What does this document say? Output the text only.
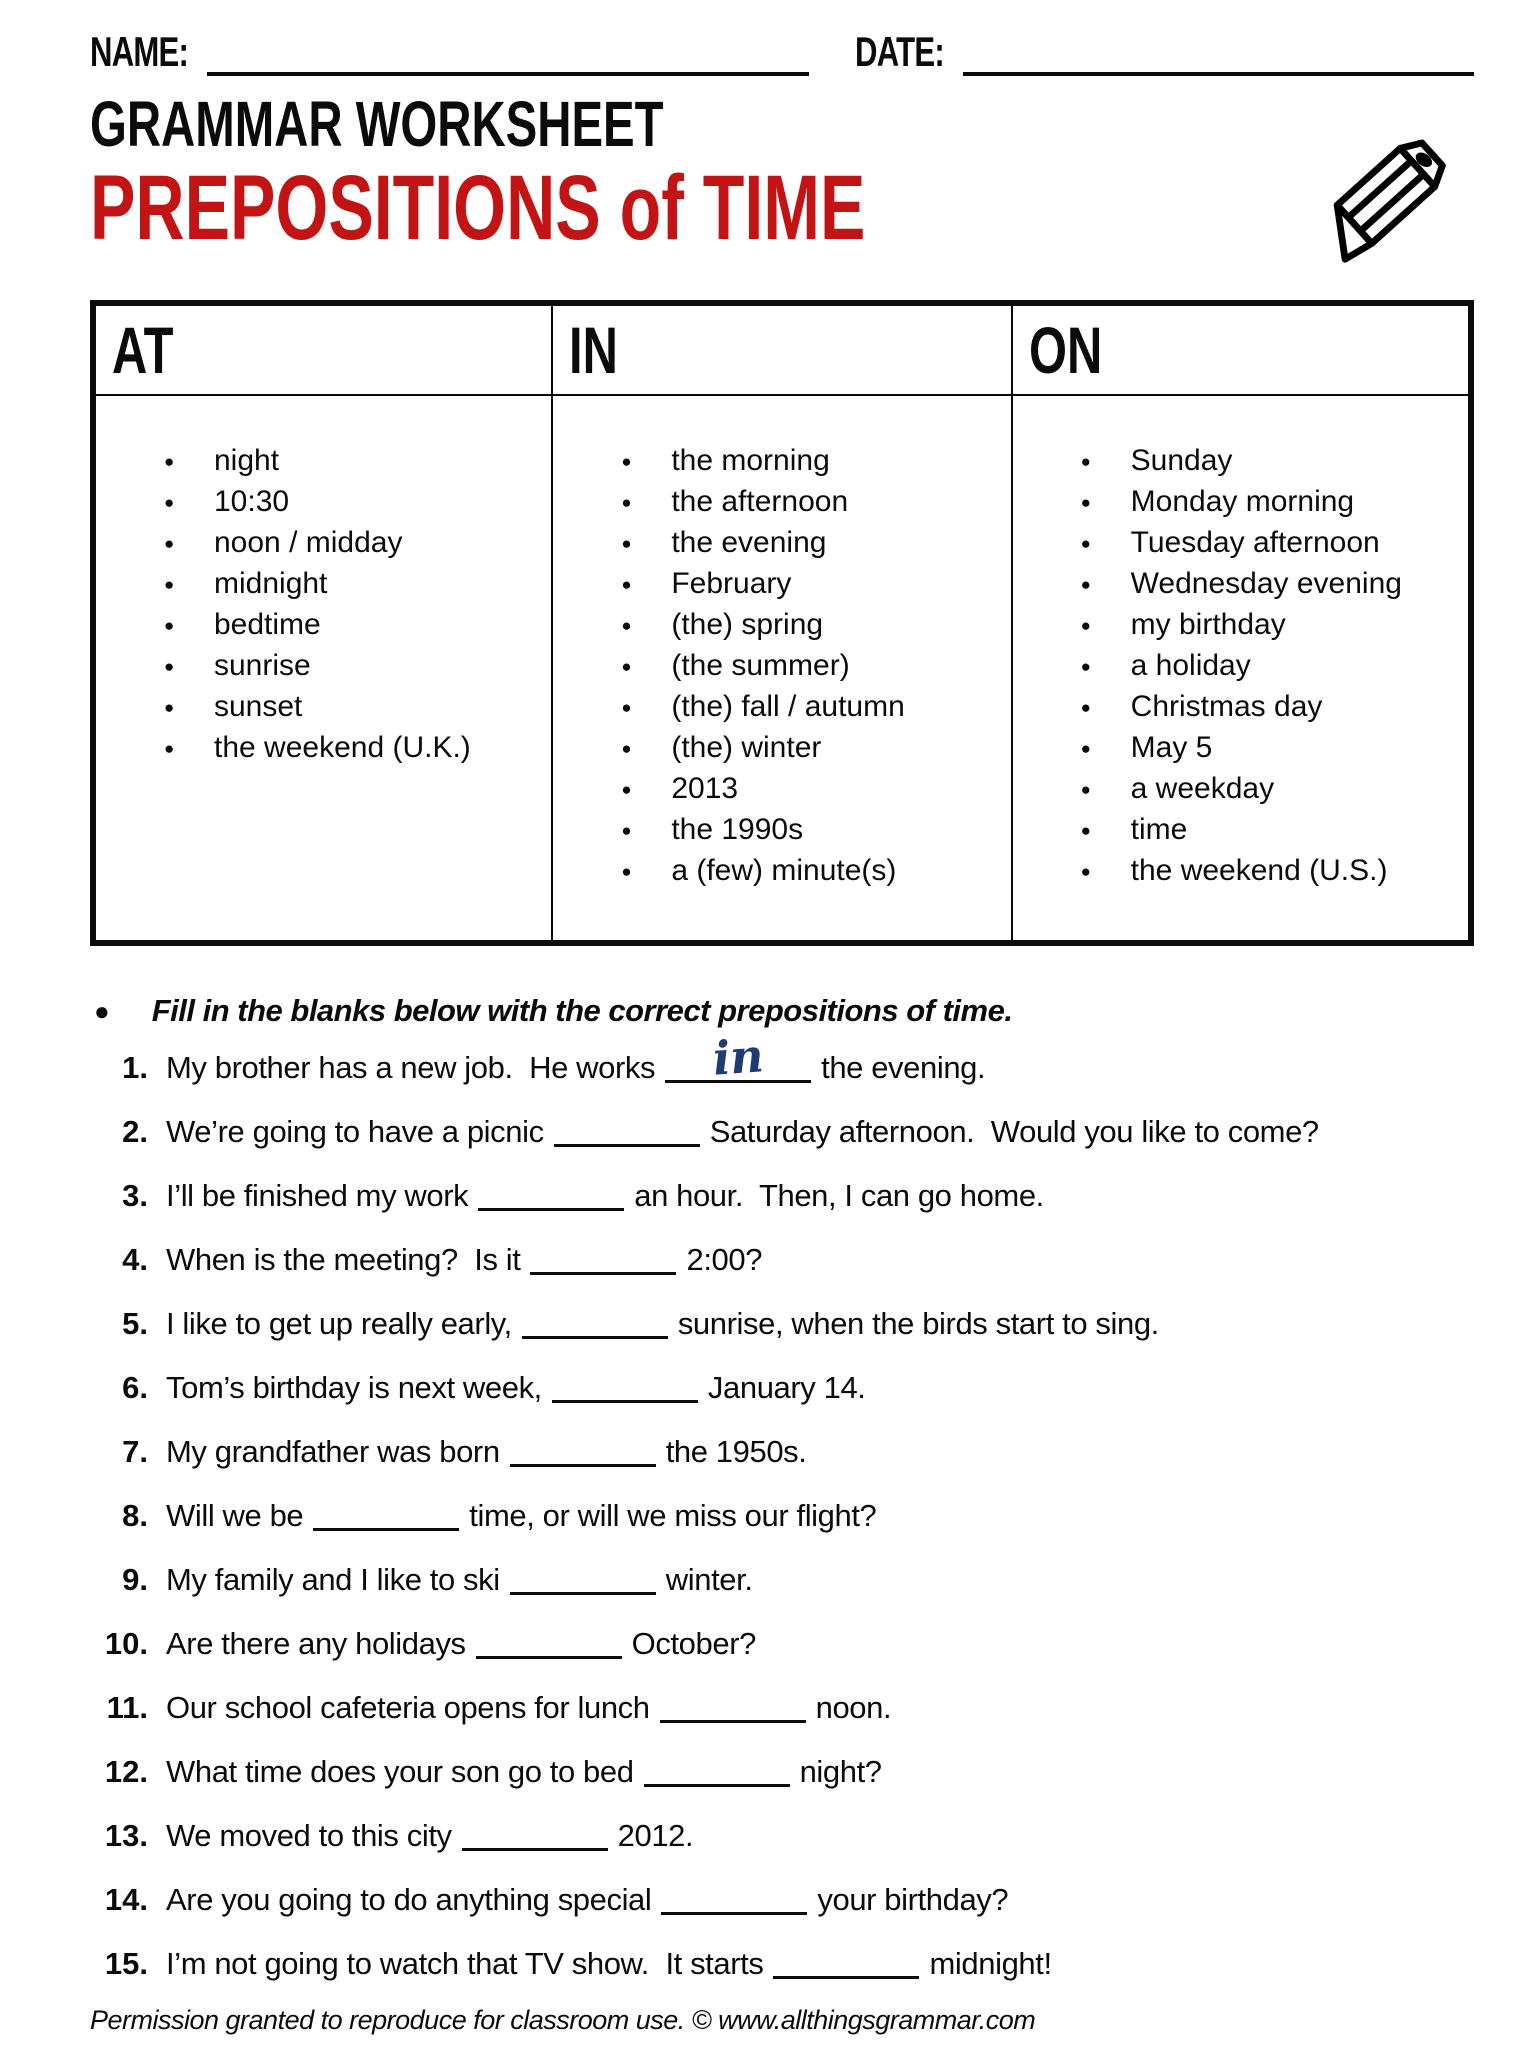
NAME:	DATE:
GRAMMAR WORKSHEET
PREPOSITIONS of TIME
AT	IN	ON

● night
● 10:30
● noon / midday
● midnight
● bedtime
● sunrise
● sunset
● the weekend (U.K.)

● the morning
● the afternoon
● the evening
● February
● (the) spring
● (the summer)
● (the) fall / autumn
● (the) winter
● 2013
● the 1990s
● a (few) minute(s)

● Sunday
● Monday morning
● Tuesday afternoon
● Wednesday evening
● my birthday
● a holiday
● Christmas day
● May 5
● a weekday
● time
● the weekend (U.S.)
● Fill in the blanks below with the correct prepositions of time.
1. My brother has a new job.  He works in the evening.
2. We’re going to have a picnic	Saturday afternoon.  Would you like to come?
3. I’ll be finished my work	an hour.  Then, I can go home.
4. When is the meeting?  Is it	2:00?
5. I like to get up really early,	sunrise, when the birds start to sing.
6. Tom’s birthday is next week,	January 14.
7. My grandfather was born	the 1950s.
8. Will we be	time, or will we miss our flight?
9. My family and I like to ski	winter.
10. Are there any holidays	October?
11. Our school cafeteria opens for lunch	noon.
12. What time does your son go to bed	night?
13. We moved to this city	2012.
14. Are you going to do anything special	your birthday?
15. I’m not going to watch that TV show.  It starts	midnight!
Permission granted to reproduce for classroom use. © www.allthingsgrammar.com
